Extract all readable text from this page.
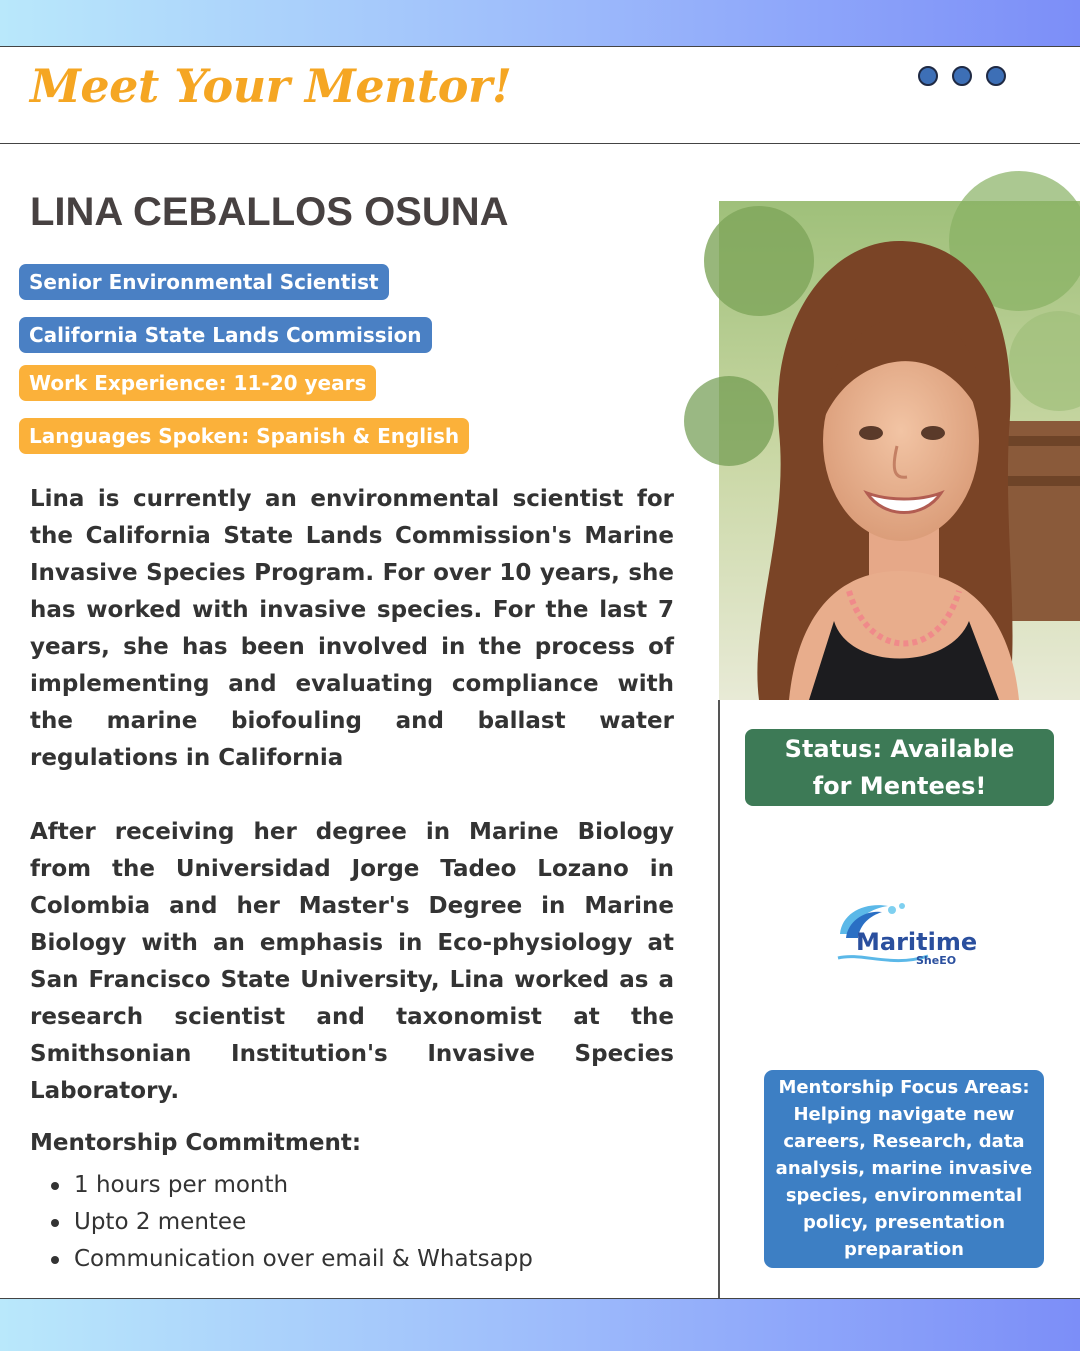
Meet Your Mentor!
LINA CEBALLOS OSUNA
Senior Environmental Scientist
California State Lands Commission
Work Experience: 11-20 years
Languages Spoken: Spanish & English

Lina is currently an environmental scientist for the California State Lands Commission's Marine Invasive Species Program. For over 10 years, she has worked with invasive species. For the last 7 years, she has been involved in the process of implementing and evaluating compliance with the marine biofouling and ballast water regulations in California

After receiving her degree in Marine Biology from the Universidad Jorge Tadeo Lozano in Colombia and her Master's Degree in Marine Biology with an emphasis in Eco-physiology at San Francisco State University, Lina worked as a research scientist and taxonomist at the Smithsonian Institution's Invasive Species Laboratory.

Mentorship Commitment:

1 hours per month
Upto 2 mentee
Communication over email & Whatsapp
Status: Available
for Mentees!
Maritime
SheEO
Mentorship Focus Areas: Helping navigate new careers, Research, data analysis, marine invasive species, environmental policy, presentation preparation
